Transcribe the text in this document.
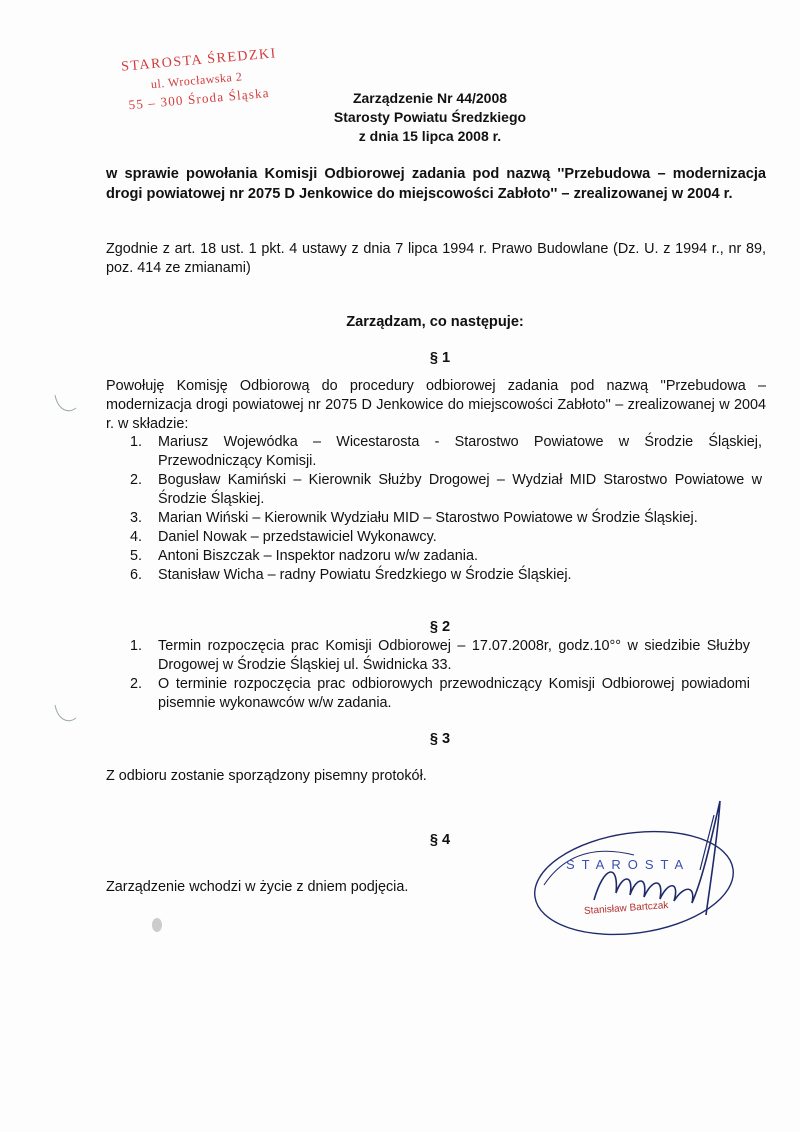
STAROSTA ŚREDZKI
ul. Wrocławska 2
55 – 300 Środa Śląska	Zarządzenie Nr 44/2008
Starosty Powiatu Średzkiego
z dnia 15 lipca 2008 r.
w sprawie powołania Komisji Odbiorowej zadania pod nazwą ''Przebudowa – modernizacja drogi powiatowej nr 2075 D Jenkowice do miejscowości Zabłoto'' – zrealizowanej w 2004 r.
Zgodnie z art. 18 ust. 1 pkt. 4 ustawy z dnia 7 lipca 1994 r. Prawo Budowlane (Dz. U. z 1994 r., nr 89, poz. 414 ze zmianami)
Zarządzam, co następuje:
§ 1
Powołuję Komisję Odbiorową do procedury odbiorowej zadania pod nazwą ''Przebudowa – modernizacja drogi powiatowej nr 2075 D Jenkowice do miejscowości Zabłoto'' – zrealizowanej w 2004 r. w składzie:
1. Mariusz Wojewódka – Wicestarosta - Starostwo Powiatowe w Środzie Śląskiej, Przewodniczący Komisji.
2. Bogusław Kamiński – Kierownik Służby Drogowej – Wydział MID Starostwo Powiatowe w Środzie Śląskiej.
3. Marian Wiński – Kierownik Wydziału MID – Starostwo Powiatowe w Środzie Śląskiej.
4. Daniel Nowak – przedstawiciel Wykonawcy.
5. Antoni Biszczak – Inspektor nadzoru w/w zadania.
6. Stanisław Wicha – radny Powiatu Średzkiego w Środzie Śląskiej.
§ 2
1. Termin rozpoczęcia prac Komisji Odbiorowej – 17.07.2008r, godz.10°° w siedzibie Służby Drogowej w Środzie Śląskiej ul. Świdnicka 33.
2. O terminie rozpoczęcia prac odbiorowych przewodniczący Komisji Odbiorowej powiadomi pisemnie wykonawców w/w zadania.
§ 3
Z odbioru zostanie sporządzony pisemny protokół.
§ 4
Zarządzenie wchodzi w życie z dniem podjęcia.
STAROSTA
Stanisław Bartczak
